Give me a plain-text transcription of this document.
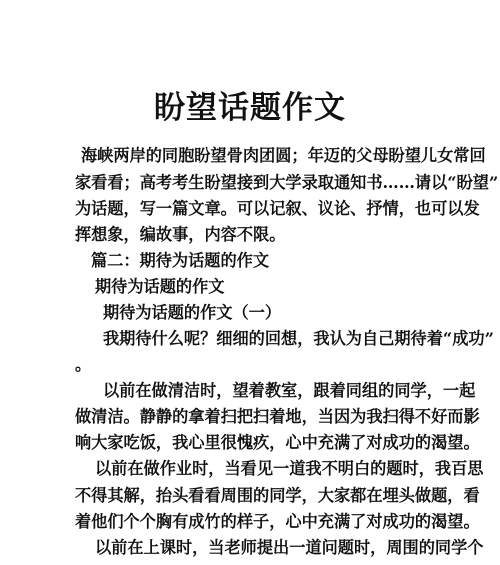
盼望话题作文
海峡两岸的同胞盼望骨肉团圆；年迈的父母盼望儿女常回
家看看；高考考生盼望接到大学录取通知书……请以“盼望”
为话题，写一篇文章。可以记叙、议论、抒情，也可以发
挥想象，编故事，内容不限。
篇二：期待为话题的作文
期待为话题的作文
期待为话题的作文（一）
我期待什么呢？细细的回想，我认为自己期待着“成功”
。
以前在做清洁时，望着教室，跟着同组的同学，一起
做清洁。静静的拿着扫把扫着地，当因为我扫得不好而影
响大家吃饭，我心里很愧疚，心中充满了对成功的渴望。
以前在做作业时，当看见一道我不明白的题时，我百思
不得其解，抬头看看周围的同学，大家都在埋头做题，看
着他们个个胸有成竹的样子，心中充满了对成功的渴望。
以前在上课时，当老师提出一道问题时，周围的同学个
